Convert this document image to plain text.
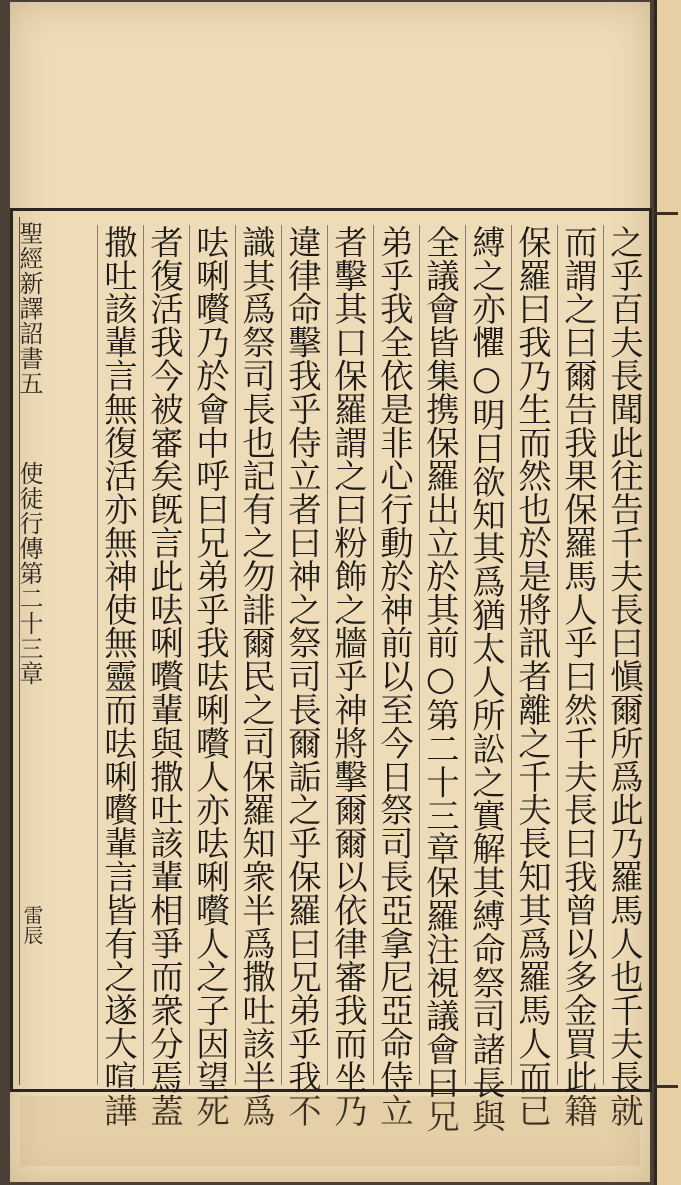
之乎百夫長聞此往告千夫長曰愼爾所爲此乃羅馬人也千夫長就
而謂之曰爾告我果保羅馬人乎曰然千夫長曰我曾以多金買此籍
保羅曰我乃生而然也於是將訊者離之千夫長知其爲羅馬人而已
縛之亦懼○明日欲知其爲猶太人所訟之實解其縛命祭司諸長與
全議會皆集携保羅出立於其前○第二十三章保羅注視議會曰兄
弟乎我全依是非心行動於神前以至今日祭司長亞拿尼亞命侍立
者擊其口保羅謂之曰粉飾之牆乎神將擊爾爾以依律審我而坐乃
違律命擊我乎侍立者曰神之祭司長爾詬之乎保羅曰兄弟乎我不
識其爲祭司長也記有之勿誹爾民之司保羅知衆半爲撒吐該半爲
呿唎嚽乃於會中呼曰兄弟乎我呿唎嚽人亦呿唎嚽人之子因望死
者復活我今被審矣旣言此呿唎嚽輩與撒吐該輩相爭而衆分焉蓋
撒吐該輩言無復活亦無神使無靈而呿唎嚽輩言皆有之遂大喧譁
聖經新譯詔書五
使徒行傳第二十三章
雷辰
